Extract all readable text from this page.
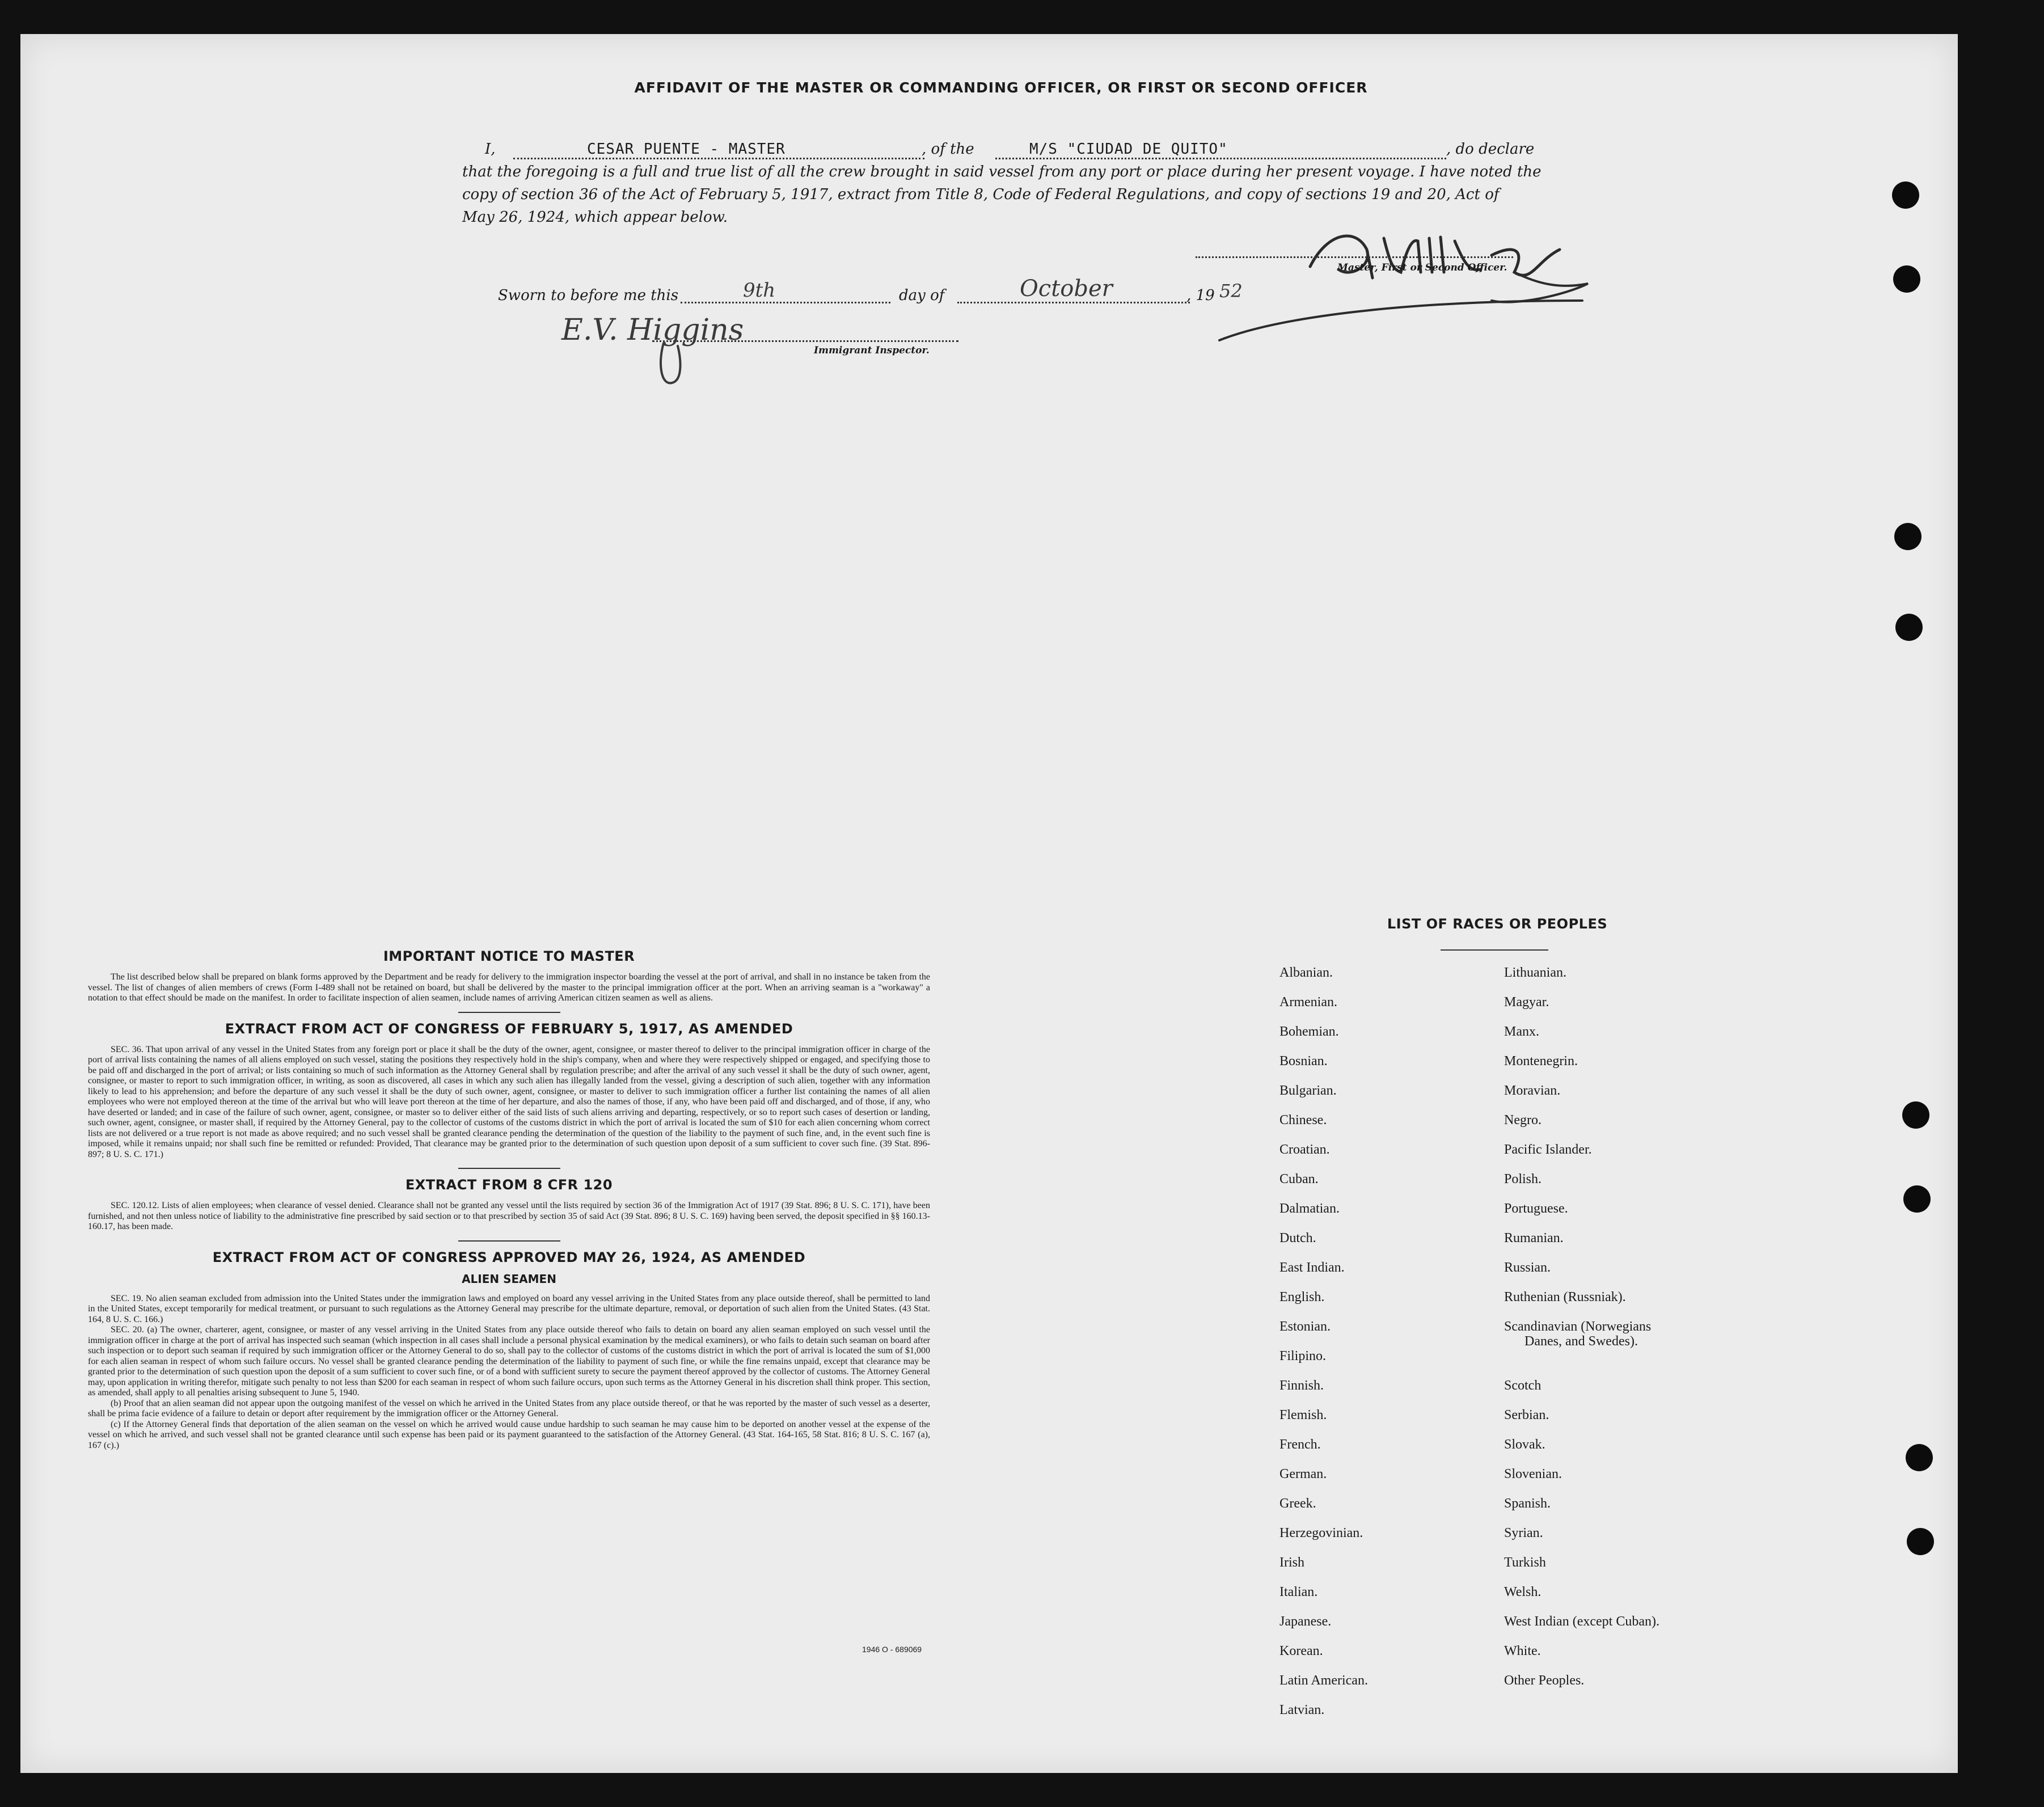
AFFIDAVIT OF THE MASTER OR COMMANDING OFFICER, OR FIRST OR SECOND OFFICER
I,	CESAR PUENTE - MASTER	, of the	M/S "CIUDAD DE QUITO"	, do declare
that the foregoing is a full and true list of all the crew brought in said vessel from any port or place during her present voyage. I have noted the
copy of section 36 of the Act of February 5, 1917, extract from Title 8, Code of Federal Regulations, and copy of sections 19 and 20, Act of
May 26, 1924, which appear below.
Master, First or Second Officer.
Sworn to before me this	9th	day of	October	, 19 52
E.V. Higgins
Immigrant Inspector.
IMPORTANT NOTICE TO MASTER

The list described below shall be prepared on blank forms approved by the Department and be ready for delivery to the immigration inspector boarding the vessel at the port of arrival, and shall in no instance be taken from the vessel. The list of changes of alien members of crews (Form I-489 shall not be retained on board, but shall be delivered by the master to the principal immigration officer at the port. When an arriving seaman is a "workaway" a notation to that effect should be made on the manifest. In order to facilitate inspection of alien seamen, include names of arriving American citizen seamen as well as aliens.

EXTRACT FROM ACT OF CONGRESS OF FEBRUARY 5, 1917, AS AMENDED

SEC. 36. That upon arrival of any vessel in the United States from any foreign port or place it shall be the duty of the owner, agent, consignee, or master thereof to deliver to the principal immigration officer in charge of the port of arrival lists containing the names of all aliens employed on such vessel, stating the positions they respectively hold in the ship's company, when and where they were respectively shipped or engaged, and specifying those to be paid off and discharged in the port of arrival; or lists containing so much of such information as the Attorney General shall by regulation prescribe; and after the arrival of any such vessel it shall be the duty of such owner, agent, consignee, or master to report to such immigration officer, in writing, as soon as discovered, all cases in which any such alien has illegally landed from the vessel, giving a description of such alien, together with any information likely to lead to his apprehension; and before the departure of any such vessel it shall be the duty of such owner, agent, consignee, or master to deliver to such immigration officer a further list containing the names of all alien employees who were not employed thereon at the time of the arrival but who will leave port thereon at the time of her departure, and also the names of those, if any, who have been paid off and discharged, and of those, if any, who have deserted or landed; and in case of the failure of such owner, agent, consignee, or master so to deliver either of the said lists of such aliens arriving and departing, respectively, or so to report such cases of desertion or landing, such owner, agent, consignee, or master shall, if required by the Attorney General, pay to the collector of customs of the customs district in which the port of arrival is located the sum of $10 for each alien concerning whom correct lists are not delivered or a true report is not made as above required; and no such vessel shall be granted clearance pending the determination of the question of the liability to the payment of such fine, and, in the event such fine is imposed, while it remains unpaid; nor shall such fine be remitted or refunded: Provided, That clearance may be granted prior to the determination of such question upon deposit of a sum sufficient to cover such fine. (39 Stat. 896-897; 8 U. S. C. 171.)

EXTRACT FROM 8 CFR 120

SEC. 120.12. Lists of alien employees; when clearance of vessel denied. Clearance shall not be granted any vessel until the lists required by section 36 of the Immigration Act of 1917 (39 Stat. 896; 8 U. S. C. 171), have been furnished, and not then unless notice of liability to the administrative fine prescribed by said section or to that prescribed by section 35 of said Act (39 Stat. 896; 8 U. S. C. 169) having been served, the deposit specified in §§ 160.13-160.17, has been made.

EXTRACT FROM ACT OF CONGRESS APPROVED MAY 26, 1924, AS AMENDED
ALIEN SEAMEN

SEC. 19. No alien seaman excluded from admission into the United States under the immigration laws and employed on board any vessel arriving in the United States from any place outside thereof, shall be permitted to land in the United States, except temporarily for medical treatment, or pursuant to such regulations as the Attorney General may prescribe for the ultimate departure, removal, or deportation of such alien from the United States. (43 Stat. 164, 8 U. S. C. 166.)

SEC. 20. (a) The owner, charterer, agent, consignee, or master of any vessel arriving in the United States from any place outside thereof who fails to detain on board any alien seaman employed on such vessel until the immigration officer in charge at the port of arrival has inspected such seaman (which inspection in all cases shall include a personal physical examination by the medical examiners), or who fails to detain such seaman on board after such inspection or to deport such seaman if required by such immigration officer or the Attorney General to do so, shall pay to the collector of customs of the customs district in which the port of arrival is located the sum of $1,000 for each alien seaman in respect of whom such failure occurs. No vessel shall be granted clearance pending the determination of the liability to payment of such fine, or while the fine remains unpaid, except that clearance may be granted prior to the determination of such question upon the deposit of a sum sufficient to cover such fine, or of a bond with sufficient surety to secure the payment thereof approved by the collector of customs. The Attorney General may, upon application in writing therefor, mitigate such penalty to not less than $200 for each seaman in respect of whom such failure occurs, upon such terms as the Attorney General in his discretion shall think proper. This section, as amended, shall apply to all penalties arising subsequent to June 5, 1940.

(b) Proof that an alien seaman did not appear upon the outgoing manifest of the vessel on which he arrived in the United States from any place outside thereof, or that he was reported by the master of such vessel as a deserter, shall be prima facie evidence of a failure to detain or deport after requirement by the immigration officer or the Attorney General.

(c) If the Attorney General finds that deportation of the alien seaman on the vessel on which he arrived would cause undue hardship to such seaman he may cause him to be deported on another vessel at the expense of the vessel on which he arrived, and such vessel shall not be granted clearance until such expense has been paid or its payment guaranteed to the satisfaction of the Attorney General. (43 Stat. 164-165, 58 Stat. 816; 8 U. S. C. 167 (a), 167 (c).)

1946 O - 689069
LIST OF RACES OR PEOPLES
Albanian.
Armenian.
Bohemian.
Bosnian.
Bulgarian.
Chinese.
Croatian.
Cuban.
Dalmatian.
Dutch.
East Indian.
English.
Estonian.
Filipino.
Finnish.
Flemish.
French.
German.
Greek.
Herzegovinian.
Irish
Italian.
Japanese.
Korean.
Latin American.
Latvian.
Lithuanian.
Magyar.
Manx.
Montenegrin.
Moravian.
Negro.
Pacific Islander.
Polish.
Portuguese.
Rumanian.
Russian.
Ruthenian (Russniak).
Scandinavian (Norwegians
Danes, and Swedes).
Scotch
Serbian.
Slovak.
Slovenian.
Spanish.
Syrian.
Turkish
Welsh.
West Indian (except Cuban).
White.
Other Peoples.
